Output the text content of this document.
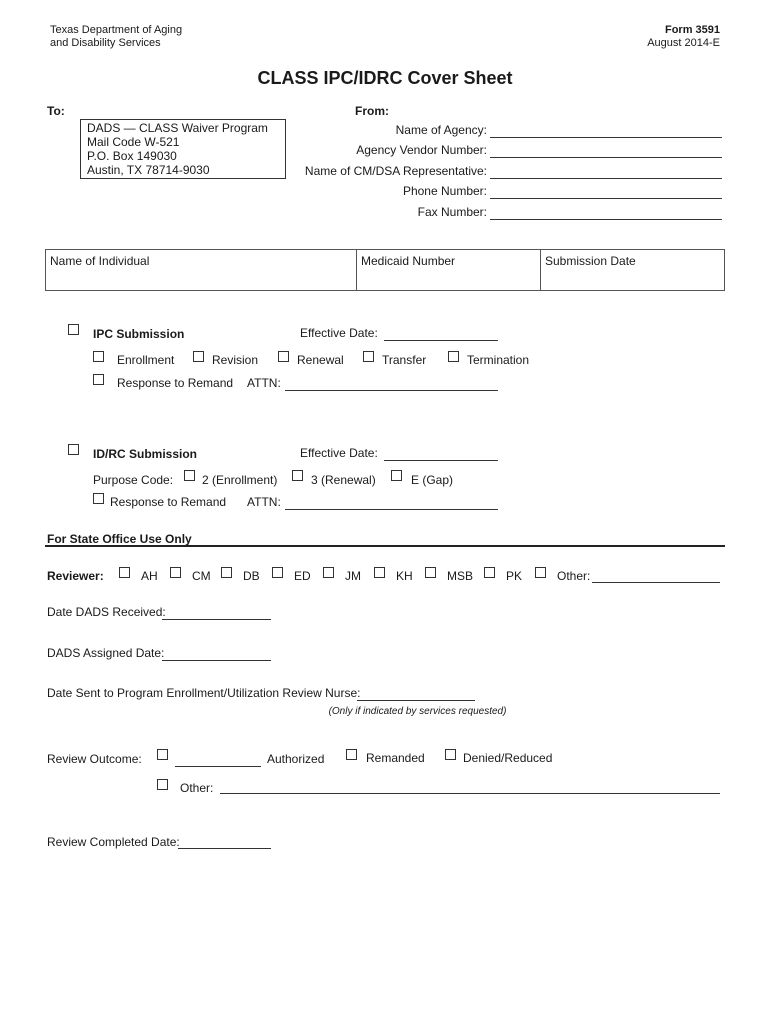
Texas Department of Aging
and Disability Services
Form 3591
August 2014-E
CLASS IPC/IDRC Cover Sheet
To:
DADS — CLASS Waiver Program
Mail Code W-521
P.O. Box 149030
Austin, TX 78714-9030
From:
Name of Agency:
Agency Vendor Number:
Name of CM/DSA Representative:
Phone Number:
Fax Number:
Name of Individual	Medicaid Number	Submission Date
IPC Submission	Effective Date:
Enrollment	Revision	Renewal	Transfer	Termination
Response to Remand ATTN:
ID/RC Submission	Effective Date:
Purpose Code: 2 (Enrollment)	3 (Renewal)	E (Gap)
Response to Remand ATTN:
For State Office Use Only
Reviewer:	AH	CM	DB	ED	JM	KH	MSB	PK	Other:
Date DADS Received:
DADS Assigned Date:
Date Sent to Program Enrollment/Utilization Review Nurse:
(Only if indicated by services requested)
Review Outcome:	Authorized	Remanded	Denied/Reduced
Other:
Review Completed Date:
